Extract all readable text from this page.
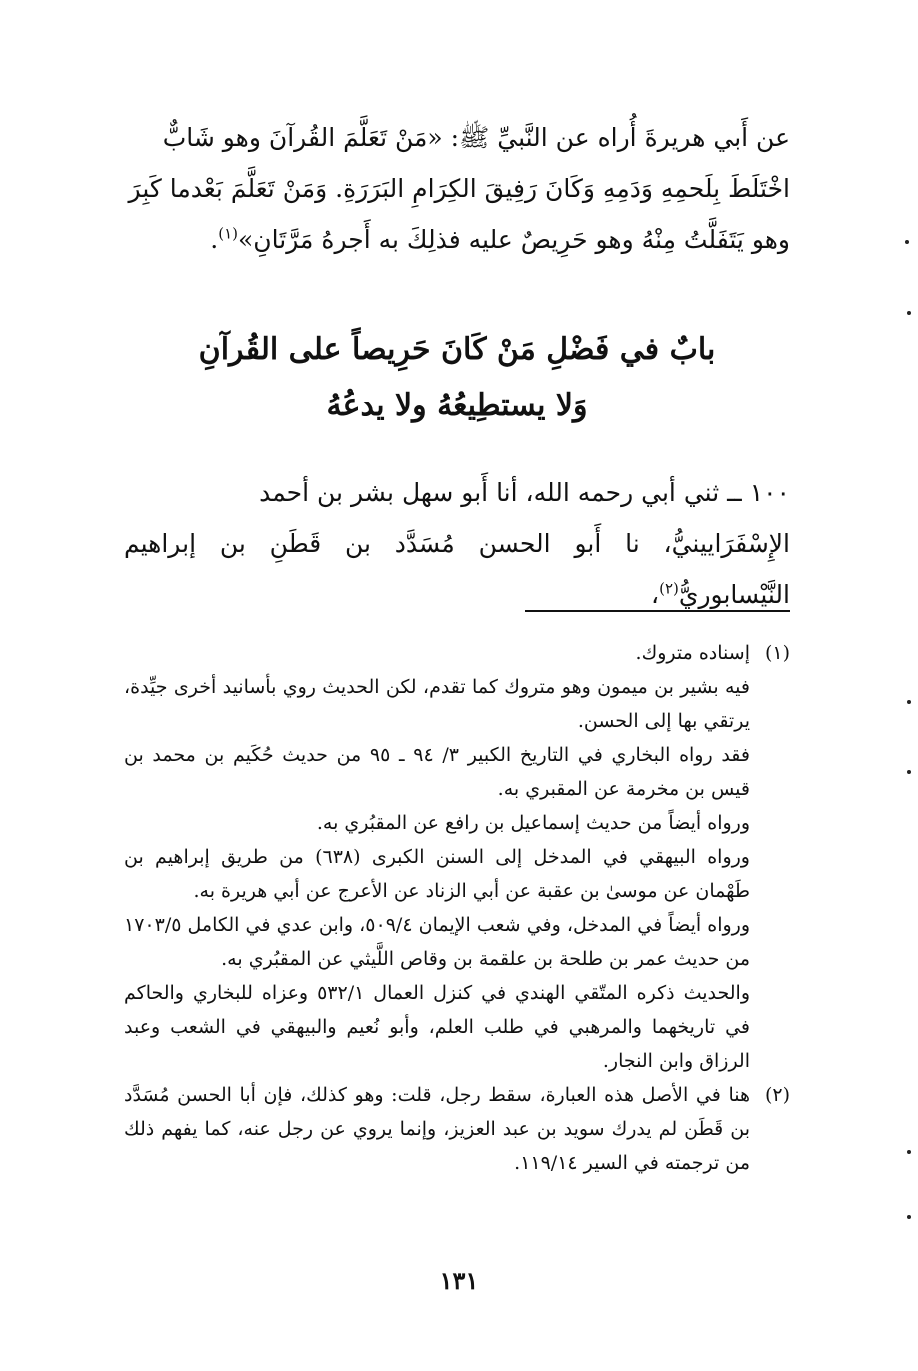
عن أَبي هريرةَ أُراه عن النَّبيِّ ﷺ: «مَنْ تَعَلَّمَ القُرآنَ وهو شَابٌّ

اخْتَلَطَ بِلَحمِهِ وَدَمِهِ وَكَانَ رَفِيقَ الكِرَامِ البَرَرَةِ. وَمَنْ تَعَلَّمَ بَعْدما كَبِرَ

وهو يَتَفَلَّتُ مِنْهُ وهو حَرِيصٌ عليه فذلِكَ به أَجرهُ مَرَّتَانِ»$^{(١)}$.

بابٌ في فَضْلِ مَنْ كَانَ حَرِيصاً على القُرآنِ
وَلا يستطِيعُهُ ولا يدعُهُ

١٠٠ ــ ثني أبي رحمه الله، أنا أَبو سهل بشر بن أحمد

الإِسْفَرَايينيُّ، نا أَبو الحسن مُسَدَّد بن قَطَنِ بن إبراهيم النَّيْسابوريُّ$^{(٢)}$،

(١)

إسناده متروك.

فيه بشير بن ميمون وهو متروك كما تقدم، لكن الحديث روي بأسانيد أخرى جيِّدة، يرتقي بها إلى الحسن.

فقد رواه البخاري في التاريخ الكبير ٣/ ٩٤ ـ ٩٥ من حديث حُكَيم بن محمد بن قيس بن مخرمة عن المقبري به.

ورواه أيضاً من حديث إسماعيل بن رافع عن المقبُري به.

ورواه البيهقي في المدخل إلى السنن الكبرى (٦٣٨) من طريق إبراهيم بن طَهْمان عن موسىٰ بن عقبة عن أبي الزناد عن الأعرج عن أبي هريرة به.

ورواه أيضاً في المدخل، وفي شعب الإيمان ٥٠٩/٤، وابن عدي في الكامل ١٧٠٣/٥ من حديث عمر بن طلحة بن علقمة بن وقاص اللَّيثي عن المقبُري به.

والحديث ذكره المتّقي الهندي في كنزل العمال ٥٣٢/١ وعزاه للبخاري والحاكم في تاريخهما والمرهبي في طلب العلم، وأبو نُعيم والبيهقي في الشعب وعبد الرزاق وابن النجار.

(٢)

هنا في الأصل هذه العبارة، سقط رجل، قلت: وهو كذلك، فإن أبا الحسن مُسَدَّد بن قَطَن لم يدرك سويد بن عبد العزيز، وإنما يروي عن رجل عنه، كما يفهم ذلك من ترجمته في السير ١١٩/١٤.

١٣١
